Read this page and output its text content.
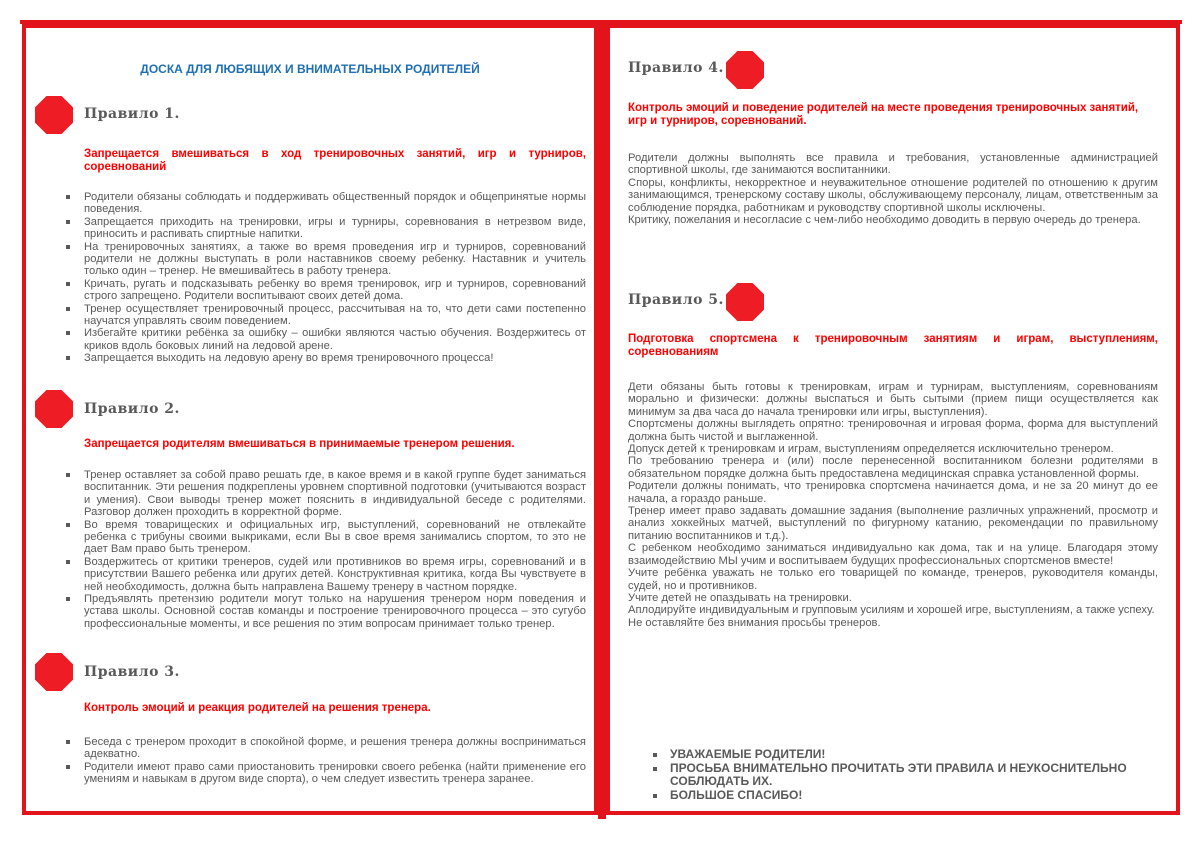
ДОСКА ДЛЯ ЛЮБЯЩИХ И ВНИМАТЕЛЬНЫХ РОДИТЕЛЕЙ
Правило 1.
Запрещается вмешиваться в ход тренировочных занятий, игр и турниров, соревнований
Родители обязаны соблюдать и поддерживать общественный порядок и общепринятые нормы поведения.
Запрещается приходить на тренировки, игры и турниры, соревнования в нетрезвом виде, приносить и распивать спиртные напитки.
На тренировочных занятиях, а также во время проведения игр и турниров, соревнований родители не должны выступать в роли наставников своему ребенку. Наставник и учитель только один – тренер. Не вмешивайтесь в работу тренера.
Кричать, ругать и подсказывать ребенку во время тренировок, игр и турниров, соревнований строго запрещено. Родители воспитывают своих детей дома.
Тренер осуществляет тренировочный процесс, рассчитывая на то, что дети сами постепенно научатся управлять своим поведением.
Избегайте критики ребёнка за ошибку – ошибки являются частью обучения. Воздержитесь от криков вдоль боковых линий на ледовой арене.
Запрещается выходить на ледовую арену во время тренировочного процесса!
Правило 2.
Запрещается родителям вмешиваться в принимаемые тренером решения.
Тренер оставляет за собой право решать где, в какое время и в какой группе будет заниматься воспитанник. Эти решения подкреплены уровнем спортивной подготовки (учитываются возраст и умения). Свои выводы тренер может пояснить в индивидуальной беседе с родителями. Разговор должен проходить в корректной форме.
Во время товарищеских и официальных игр, выступлений, соревнований не отвлекайте ребенка с трибуны своими выкриками, если Вы в свое время занимались спортом, то это не дает Вам право быть тренером.
Воздержитесь от критики тренеров, судей или противников во время игры, соревнований и в присутствии Вашего ребенка или других детей. Конструктивная критика, когда Вы чувствуете в ней необходимость, должна быть направлена Вашему тренеру в частном порядке.
Предъявлять претензию родители могут только на нарушения тренером норм поведения и устава школы. Основной состав команды и построение тренировочного процесса – это сугубо профессиональные моменты, и все решения по этим вопросам принимает только тренер.
Правило 3.
Контроль эмоций и реакция родителей на решения тренера.
Беседа с тренером проходит в спокойной форме, и решения тренера должны восприниматься адекватно.
Родители имеют право сами приостановить тренировки своего ребенка (найти применение его умениям и навыкам в другом виде спорта), о чем следует известить тренера заранее.
Правило 4.
Контроль эмоций и поведение родителей на месте проведения тренировочных занятий, игр и турниров, соревнований.

Родители должны выполнять все правила и требования, установленные администрацией спортивной школы, где занимаются воспитанники.

Споры, конфликты, некорректное и неуважительное отношение родителей по отношению к другим занимающимся, тренерскому составу школы, обслуживающему персоналу, лицам, ответственным за соблюдение порядка, работникам и руководству спортивной школы исключены.

Критику, пожелания и несогласие с чем-либо необходимо доводить в первую очередь до тренера.

Правило 5.
Подготовка спортсмена к тренировочным занятиям и играм, выступлениям, соревнованиям

Дети обязаны быть готовы к тренировкам, играм и турнирам, выступлениям, соревнованиям морально и физически: должны выспаться и быть сытыми (прием пищи осуществляется как минимум за два часа до начала тренировки или игры, выступления).

Спортсмены должны выглядеть опрятно: тренировочная и игровая форма, форма для выступлений должна быть чистой и выглаженной.

Допуск детей к тренировкам и играм, выступлениям определяется исключительно тренером.

По требованию тренера и (или) после перенесенной воспитанником болезни родителями в обязательном порядке должна быть предоставлена медицинская справка установленной формы.

Родители должны понимать, что тренировка спортсмена начинается дома, и не за 20 минут до ее начала, а гораздо раньше.

Тренер имеет право задавать домашние задания (выполнение различных упражнений, просмотр и анализ хоккейных матчей, выступлений по фигурному катанию, рекомендации по правильному питанию воспитанников и т.д.).

С ребенком необходимо заниматься индивидуально как дома, так и на улице. Благодаря этому взаимодействию МЫ учим и воспитываем будущих профессиональных спортсменов вместе!

Учите ребёнка уважать не только его товарищей по команде, тренеров, руководителя команды, судей, но и противников.

Учите детей не опаздывать на тренировки.

Аплодируйте индивидуальным и групповым усилиям и хорошей игре, выступлениям, а также успеху.

Не оставляйте без внимания просьбы тренеров.

УВАЖАЕМЫЕ РОДИТЕЛИ!
ПРОСЬБА ВНИМАТЕЛЬНО ПРОЧИТАТЬ ЭТИ ПРАВИЛА И НЕУКОСНИТЕЛЬНО СОБЛЮДАТЬ ИХ.
БОЛЬШОЕ СПАСИБО!
